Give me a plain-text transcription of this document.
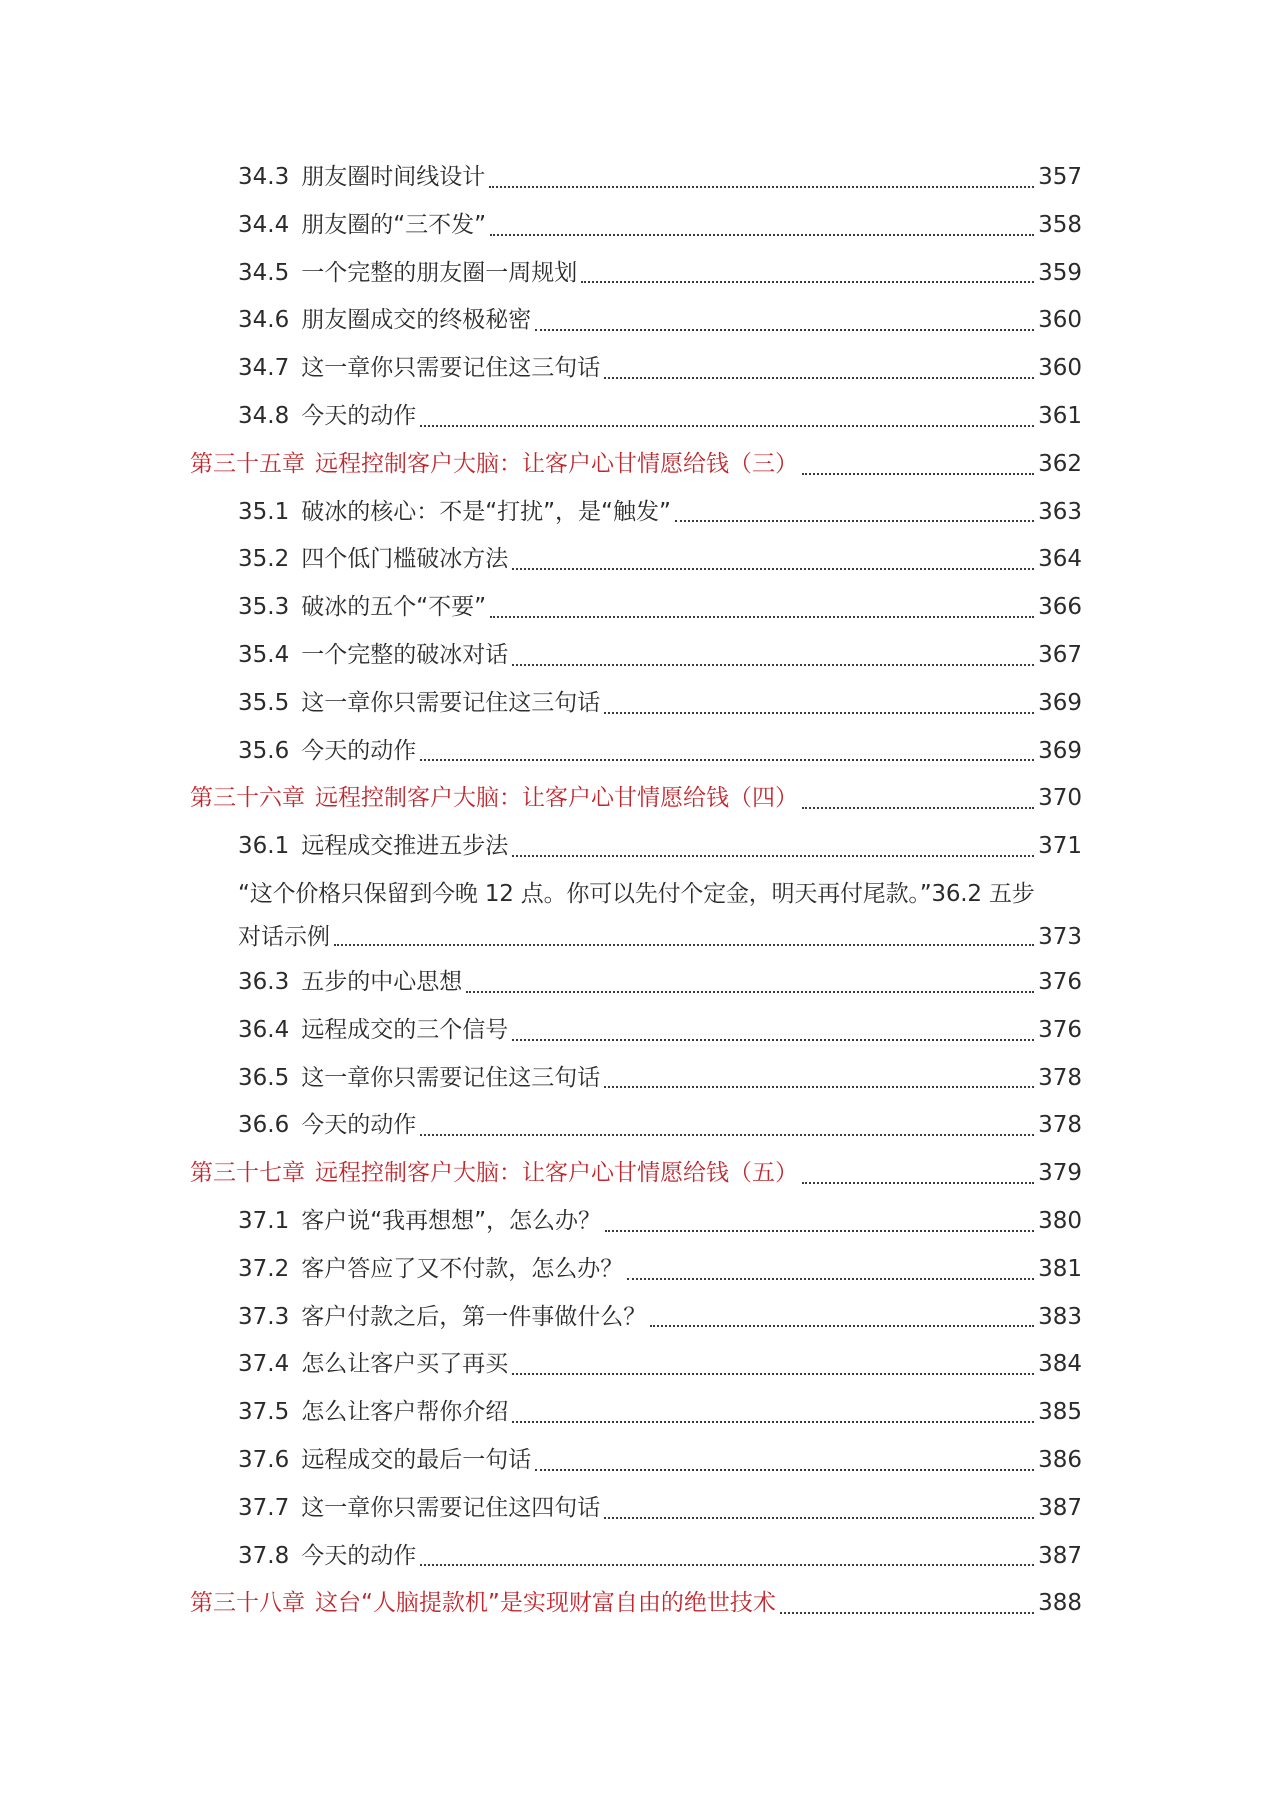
34.3 朋友圈时间线设计	357
34.4 朋友圈的“三不发”	358
34.5 一个完整的朋友圈一周规划	359
34.6 朋友圈成交的终极秘密	360
34.7 这一章你只需要记住这三句话	360
34.8 今天的动作	361
第三十五章 远程控制客户大脑：让客户心甘情愿给钱（三）	362
35.1 破冰的核心：不是“打扰”，是“触发”	363
35.2 四个低门槛破冰方法	364
35.3 破冰的五个“不要”	366
35.4 一个完整的破冰对话	367
35.5 这一章你只需要记住这三句话	369
35.6 今天的动作	369
第三十六章 远程控制客户大脑：让客户心甘情愿给钱（四）	370
36.1 远程成交推进五步法	371
“这个价格只保留到今晚 12 点。你可以先付个定金，明天再付尾款。”36.2 五步
对话示例	373
36.3 五步的中心思想	376
36.4 远程成交的三个信号	376
36.5 这一章你只需要记住这三句话	378
36.6 今天的动作	378
第三十七章 远程控制客户大脑：让客户心甘情愿给钱（五）	379
37.1 客户说“我再想想”，怎么办？	380
37.2 客户答应了又不付款，怎么办？	381
37.3 客户付款之后，第一件事做什么？	383
37.4 怎么让客户买了再买	384
37.5 怎么让客户帮你介绍	385
37.6 远程成交的最后一句话	386
37.7 这一章你只需要记住这四句话	387
37.8 今天的动作	387
第三十八章 这台“人脑提款机”是实现财富自由的绝世技术	388
